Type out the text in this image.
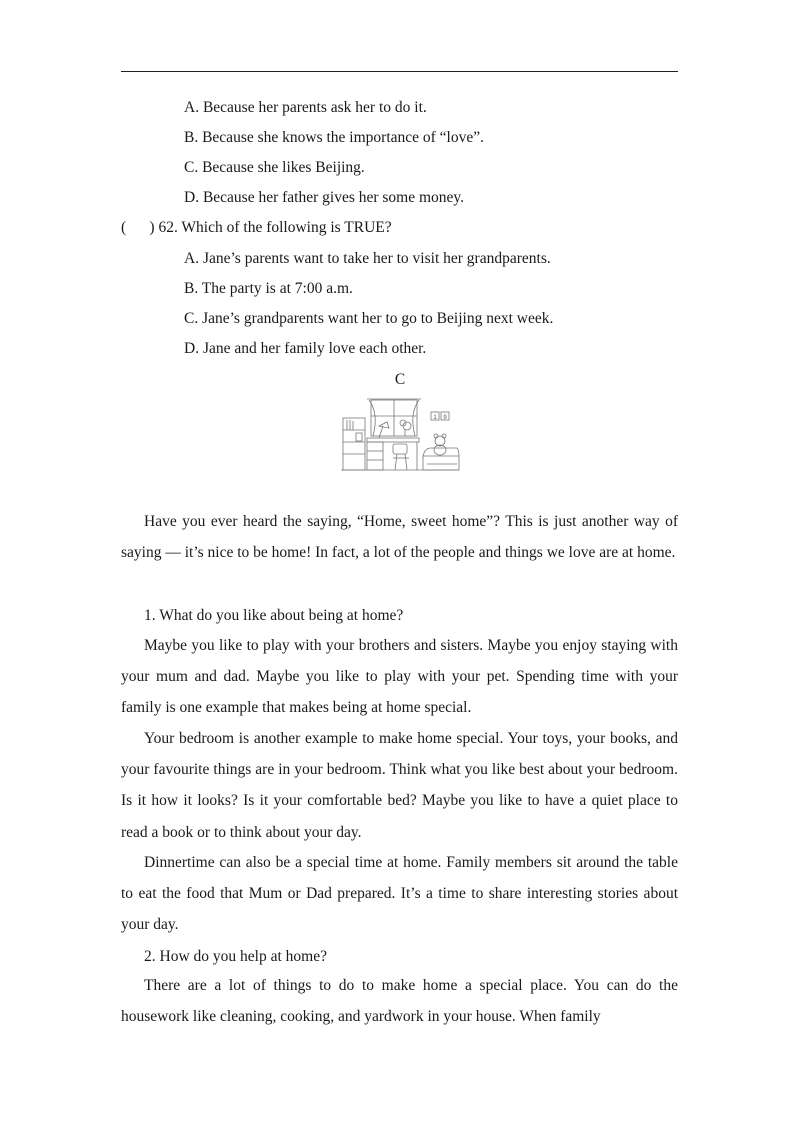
A. Because her parents ask her to do it.
B. Because she knows the importance of “love”.
C. Because she likes Beijing.
D. Because her father gives her some money.
(      ) 62. Which of the following is TRUE?
A. Jane’s parents want to take her to visit her grandparents.
B. The party is at 7:00 a.m.
C. Jane’s grandparents want her to go to Beijing next week.
D. Jane and her family love each other.
C
1 9

Have you ever heard the saying, “Home, sweet home”? This is just another way of saying — it’s nice to be home! In fact, a lot of the people and things we love are at home.

1. What do you like about being at home?

Maybe you like to play with your brothers and sisters. Maybe you enjoy staying with your mum and dad. Maybe you like to play with your pet. Spending time with your family is one example that makes being at home special.

Your bedroom is another example to make home special. Your toys, your books, and your favourite things are in your bedroom. Think what you like best about your bedroom. Is it how it looks? Is it your comfortable bed? Maybe you like to have a quiet place to read a book or to think about your day.

Dinnertime can also be a special time at home. Family members sit around the table to eat the food that Mum or Dad prepared. It’s a time to share interesting stories about your day.

2. How do you help at home?

There are a lot of things to do to make home a special place. You can do the housework like cleaning, cooking, and yardwork in your house. When family
